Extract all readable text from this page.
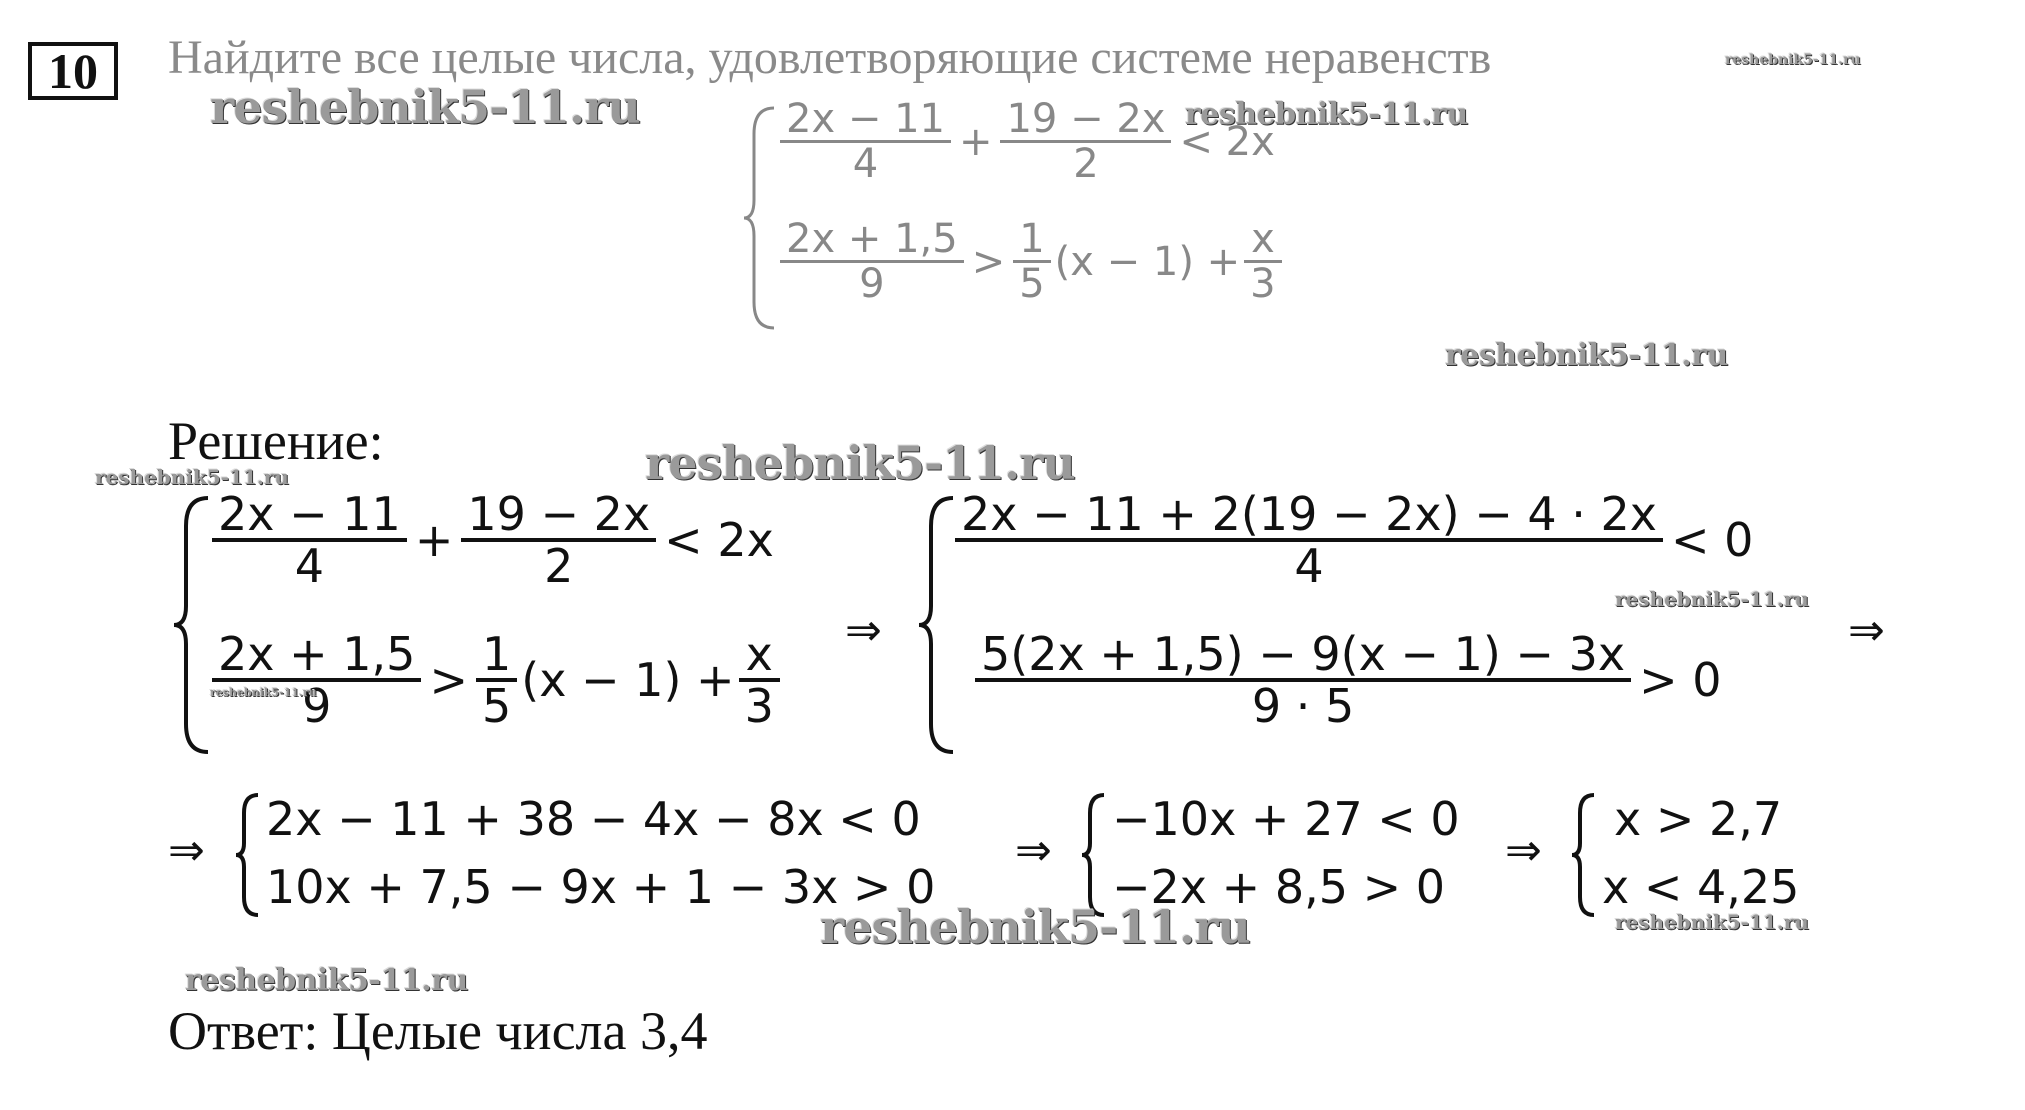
10	Найдите все целые числа, удовлетворяющие системе неравенств
$\frac{2x - 11}{4} + \frac{19 - 2x}{2} < 2x$
$\frac{2x + 1,5}{9} > \frac{1}{5} (x - 1) + \frac{x}{3}$
Решение:
$\frac{2x - 11}{4} + \frac{19 - 2x}{2} < 2x$
$\frac{2x + 1,5}{9} > \frac{1}{5} (x - 1) + \frac{x}{3}$ ⇒
$\frac{2x - 11 + 2(19 - 2x) - 4 \cdot 2x}{4} < 0$
$\frac{5(2x + 1,5) - 9(x - 1) - 3x}{9 \cdot 5} > 0$
⇒
⇒
2x − 11 + 38 − 4x − 8x < 0
10x + 7,5 − 9x + 1 − 3x > 0
⇒
−10x + 27 < 0
−2x + 8,5 > 0
⇒
x > 2,7
x < 4,25
Ответ: Целые числа 3,4
reshebnik5-11.ru
reshebnik5-11.ru
reshebnik5-11.ru
reshebnik5-11.ru
reshebnik5-11.ru
reshebnik5-11.ru
reshebnik5-11.ru
reshebnik5-11.ru
reshebnik5-11.ru	reshebnik5-11.ru
reshebnik5-11.ru
